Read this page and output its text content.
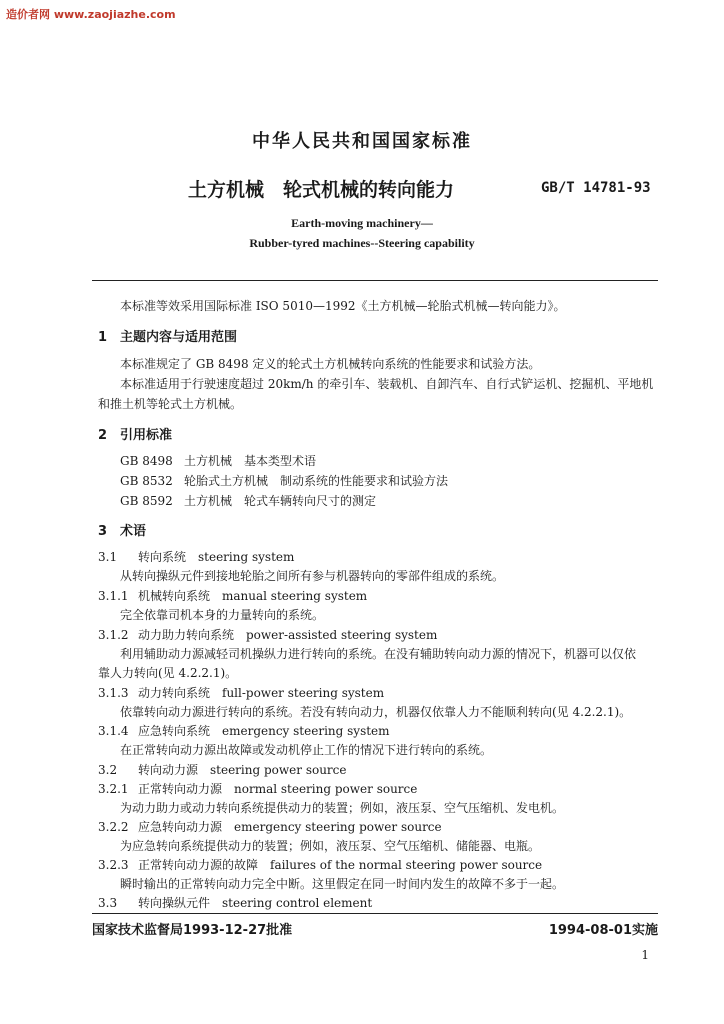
造价者网 www.zaojiazhe.com
中华人民共和国国家标准
土方机械　轮式机械的转向能力	GB/T 14781-93
Earth-moving machinery—
Rubber-tyred machines--Steering capability
本标准等效采用国际标准 ISO 5010—1992《土方机械—轮胎式机械—转向能力》。
1 主题内容与适用范围
本标准规定了 GB 8498 定义的轮式土方机械转向系统的性能要求和试验方法。
本标准适用于行驶速度超过 20km/h 的牵引车、装载机、自卸汽车、自行式铲运机、挖掘机、平地机
和推土机等轮式土方机械。
2 引用标准
GB 8498 土方机械　基本类型术语
GB 8532 轮胎式土方机械　制动系统的性能要求和试验方法
GB 8592 土方机械　轮式车辆转向尺寸的测定
3 术语
3.1 转向系统　steering system
从转向操纵元件到接地轮胎之间所有参与机器转向的零部件组成的系统。
3.1.1 机械转向系统　manual steering system
完全依靠司机本身的力量转向的系统。
3.1.2 动力助力转向系统　power-assisted steering system
利用辅助动力源减轻司机操纵力进行转向的系统。在没有辅助转向动力源的情况下，机器可以仅依
靠人力转向(见 4.2.2.1)。
3.1.3 动力转向系统　full-power steering system
依靠转向动力源进行转向的系统。若没有转向动力，机器仅依靠人力不能顺利转向(见 4.2.2.1)。
3.1.4 应急转向系统　emergency steering system
在正常转向动力源出故障或发动机停止工作的情况下进行转向的系统。
3.2 转向动力源　steering power source
3.2.1 正常转向动力源　normal steering power source
为动力助力或动力转向系统提供动力的装置；例如，液压泵、空气压缩机、发电机。
3.2.2 应急转向动力源　emergency steering power source
为应急转向系统提供动力的装置；例如，液压泵、空气压缩机、储能器、电瓶。
3.2.3 正常转向动力源的故障　failures of the normal steering power source
瞬时输出的正常转向动力完全中断。这里假定在同一时间内发生的故障不多于一起。
3.3 转向操纵元件　steering control element
国家技术监督局1993-12-27批准	1994-08-01实施
1
